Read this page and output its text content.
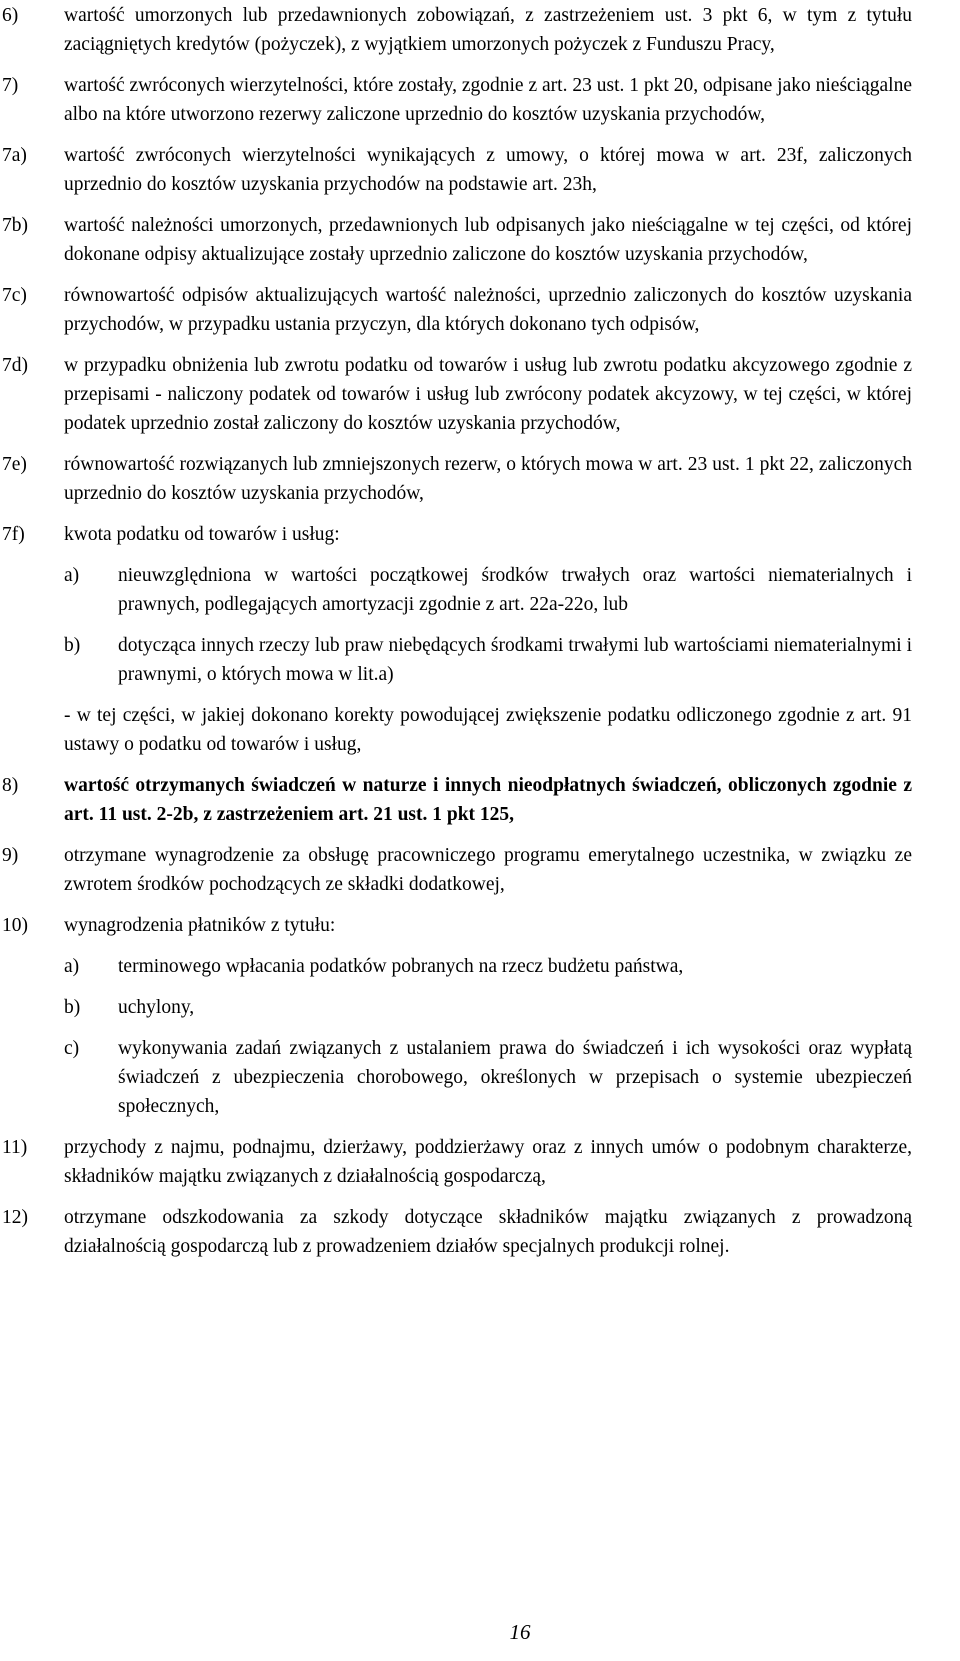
6) wartość umorzonych lub przedawnionych zobowiązań, z zastrzeżeniem ust. 3 pkt 6, w tym z tytułu zaciągniętych kredytów (pożyczek), z wyjątkiem umorzonych pożyczek z Funduszu Pracy,
7) wartość zwróconych wierzytelności, które zostały, zgodnie z art. 23 ust. 1 pkt 20, odpisane jako nieściągalne albo na które utworzono rezerwy zaliczone uprzednio do kosztów uzyskania przychodów,
7a) wartość zwróconych wierzytelności wynikających z umowy, o której mowa w art. 23f, zaliczonych uprzednio do kosztów uzyskania przychodów na podstawie art. 23h,
7b) wartość należności umorzonych, przedawnionych lub odpisanych jako nieściągalne w tej części, od której dokonane odpisy aktualizujące zostały uprzednio zaliczone do kosztów uzyskania przychodów,
7c) równowartość odpisów aktualizujących wartość należności, uprzednio zaliczonych do kosztów uzyskania przychodów, w przypadku ustania przyczyn, dla których dokonano tych odpisów,
7d) w przypadku obniżenia lub zwrotu podatku od towarów i usług lub zwrotu podatku akcyzowego zgodnie z przepisami - naliczony podatek od towarów i usług lub zwrócony podatek akcyzowy, w tej części, w której podatek uprzednio został zaliczony do kosztów uzyskania przychodów,
7e) równowartość rozwiązanych lub zmniejszonych rezerw, o których mowa w art. 23 ust. 1 pkt 22, zaliczonych uprzednio do kosztów uzyskania przychodów,
7f) kwota podatku od towarów i usług:
a) nieuwzględniona w wartości początkowej środków trwałych oraz wartości niematerialnych i prawnych, podlegających amortyzacji zgodnie z art. 22a-22o, lub
b) dotycząca innych rzeczy lub praw niebędących środkami trwałymi lub wartościami niematerialnymi i prawnymi, o których mowa w lit.a)
- w tej części, w jakiej dokonano korekty powodującej zwiększenie podatku odliczonego zgodnie z art. 91 ustawy o podatku od towarów i usług,
8) wartość otrzymanych świadczeń w naturze i innych nieodpłatnych świadczeń, obliczonych zgodnie z art. 11 ust. 2-2b, z zastrzeżeniem art. 21 ust. 1 pkt 125,
9) otrzymane wynagrodzenie za obsługę pracowniczego programu emerytalnego uczestnika, w związku ze zwrotem środków pochodzących ze składki dodatkowej,
10) wynagrodzenia płatników z tytułu:
a) terminowego wpłacania podatków pobranych na rzecz budżetu państwa,
b) uchylony,
c) wykonywania zadań związanych z ustalaniem prawa do świadczeń i ich wysokości oraz wypłatą świadczeń z ubezpieczenia chorobowego, określonych w przepisach o systemie ubezpieczeń społecznych,
11) przychody z najmu, podnajmu, dzierżawy, poddzierżawy oraz z innych umów o podobnym charakterze, składników majątku związanych z działalnością gospodarczą,
12) otrzymane odszkodowania za szkody dotyczące składników majątku związanych z prowadzoną działalnością gospodarczą lub z prowadzeniem działów specjalnych produkcji rolnej.
16
